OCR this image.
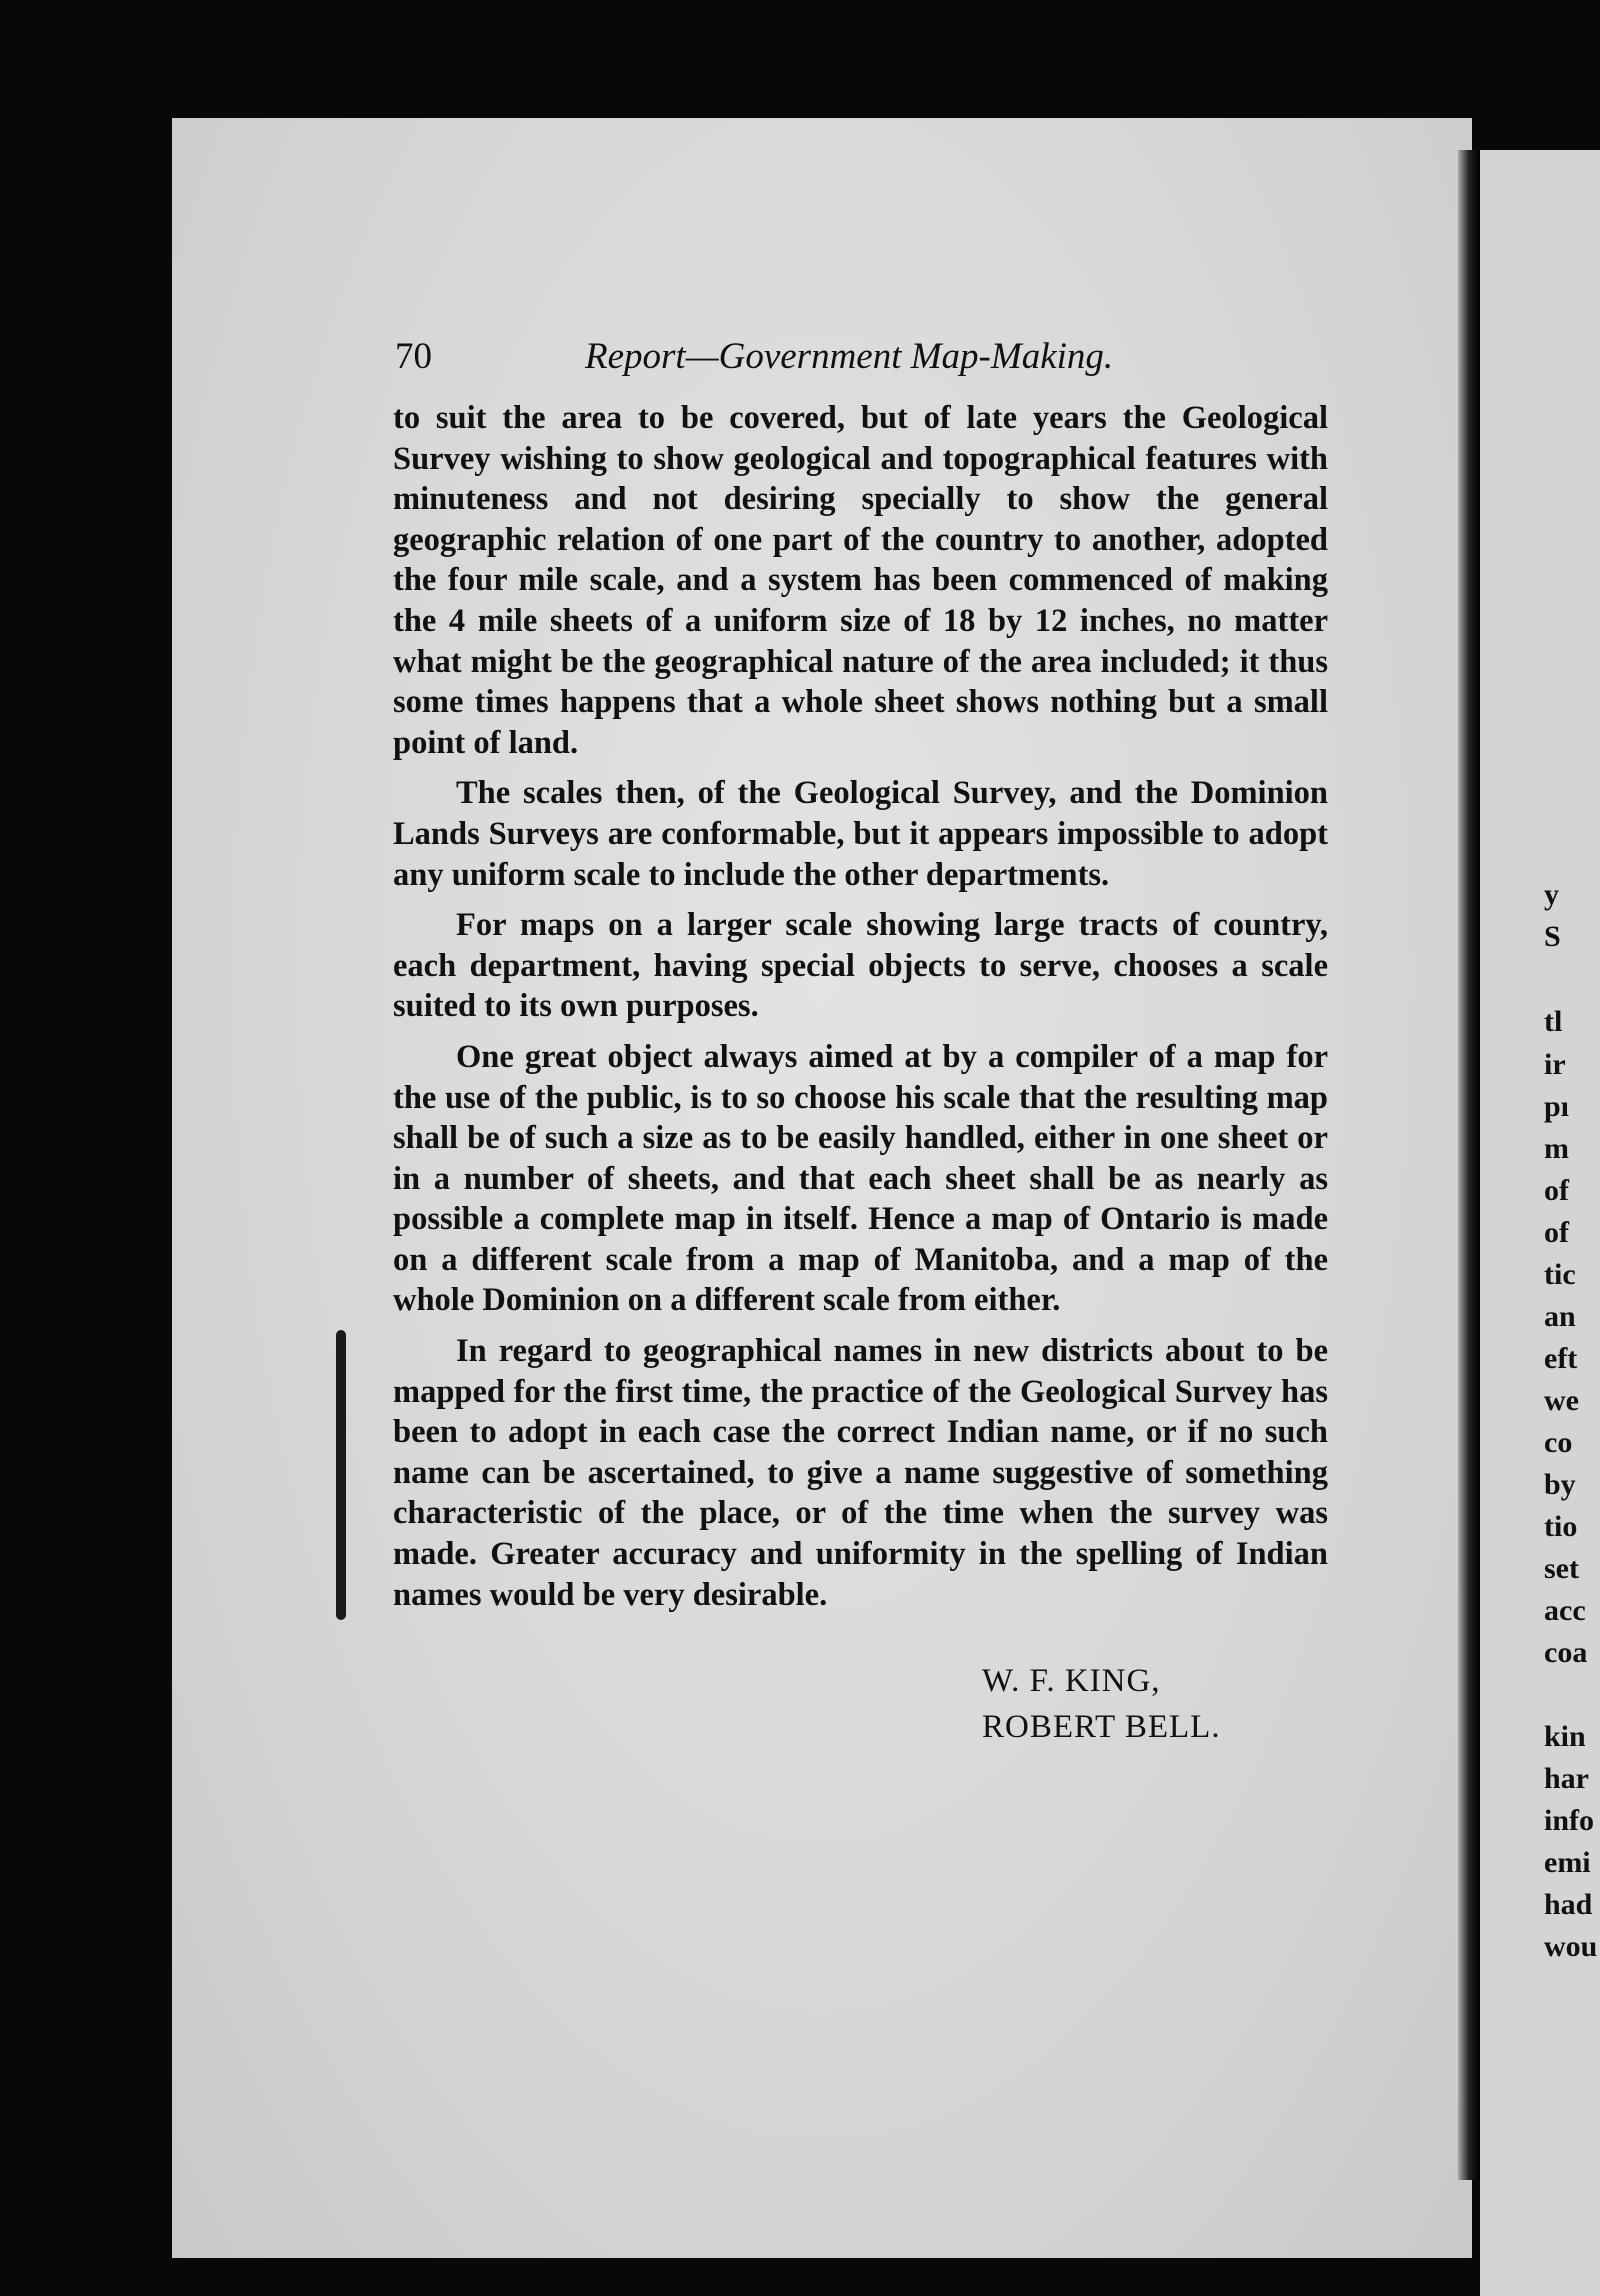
70	Report—Government Map-Making.

to suit the area to be covered, but of late years the Geological Survey wishing to show geological and topographical features with minuteness and not desiring specially to show the general geographic relation of one part of the country to another, adopted the four mile scale, and a system has been commenced of making the 4 mile sheets of a uniform size of 18 by 12 inches, no matter what might be the geographical nature of the area included; it thus some times happens that a whole sheet shows nothing but a small point of land.

The scales then, of the Geological Survey, and the Dominion Lands Surveys are conformable, but it appears impossible to adopt any uniform scale to include the other departments.

For maps on a larger scale showing large tracts of country, each department, having special objects to serve, chooses a scale suited to its own purposes.

One great object always aimed at by a compiler of a map for the use of the public, is to so choose his scale that the resulting map shall be of such a size as to be easily handled, either in one sheet or in a number of sheets, and that each sheet shall be as nearly as possible a complete map in itself. Hence a map of Ontario is made on a different scale from a map of Manitoba, and a map of the whole Dominion on a different scale from either.

In regard to geographical names in new districts about to be mapped for the first time, the practice of the Geological Survey has been to adopt in each case the correct Indian name, or if no such name can be ascertained, to give a name suggestive of something characteristic of the place, or of the time when the survey was made. Greater accuracy and uniformity in the spelling of Indian names would be very desirable.

W. F. KING,
ROBERT BELL.
y
S
tl
ir
pı
m
of
of
tic
an
eft
we
co
by
tio
set
acc
coa
kin
har
info
emi
had
wou
